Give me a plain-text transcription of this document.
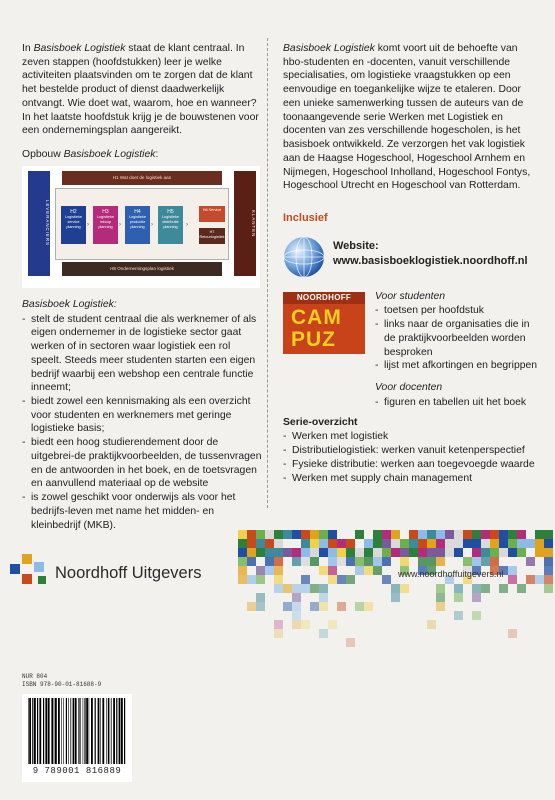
In Basisboek Logistiek staat de klant centraal. In zeven stappen (hoofdstukken) leer je welke activiteiten plaatsvinden om te zorgen dat de klant het bestelde product of dienst daadwerkelijk ontvangt. Wie doet wat, waarom, hoe en wanneer? In het laatste hoofdstuk krijg je de bouwstenen voor een ondernemingsplan aangereikt.

Opbouw Basisboek Logistiek:

LEVERANCIERS	KLANTEN
H1 Wat doet de logistiek aan
H2
Logistieke service planning	›
H3
Logistieke inkoop planning	›
H4
Logistieke productie planning	›
H5
Logistieke distributie planning	›
H6 Service
H7 Retourlogistiek
H8 Ondernemingsplan logistiek

Basisboek Logistiek:

- stelt de student centraal die als werknemer of als eigen ondernemer in de logistieke sector gaat werken of in sectoren waar logistiek een rol speelt. Steeds meer studenten starten een eigen bedrijf waarbij een webshop een centrale functie inneemt;
- biedt zowel een kennismaking als een overzicht voor studenten en werknemers met geringe logistieke basis;
- biedt een hoog studierendement door de uitgebrei-de praktijkvoorbeelden, de tussenvragen en de antwoorden in het boek, en de toetsvragen en aanvullend materiaal op de website
- is zowel geschikt voor onderwijs als voor het bedrijfs-leven met name het midden- en kleinbedrijf (MKB).

Basisboek Logistiek komt voort uit de behoefte van hbo-studenten en -docenten, vanuit verschillende specialisaties, om logistieke vraagstukken op een eenvoudige en toegankelijke wijze te etaleren. Door een unieke samenwerking tussen de auteurs van de toonaangevende serie Werken met Logistiek en docenten van zes verschillende hogescholen, is het basisboek ontwikkeld. Ze verzorgen het vak logistiek aan de Haagse Hogeschool, Hogeschool Arnhem en Nijmegen, Hogeschool Inholland, Hogeschool Fontys, Hogeschool Utrecht en Hogeschool van Rotterdam.

Inclusief

Website:
www.basisboeklogistiek.noordhoff.nl
NOORDHOFF
CAM
PUZ

Voor studenten

- toetsen per hoofdstuk
- links naar de organisaties die in de praktijkvoorbeelden worden besproken
- lijst met afkortingen en begrippen

Voor docenten

- figuren en tabellen uit het boek

Serie-overzicht

- Werken met logistiek
- Distributielogistiek: werken vanuit ketenperspectief
- Fysieke distributie: werken aan toegevoegde waarde
- Werken met supply chain management
Noordhoff Uitgevers	www.noordhoffuitgevers.nl
NUR 804
ISBN 978-90-01-81688-9
9 789001 816889
